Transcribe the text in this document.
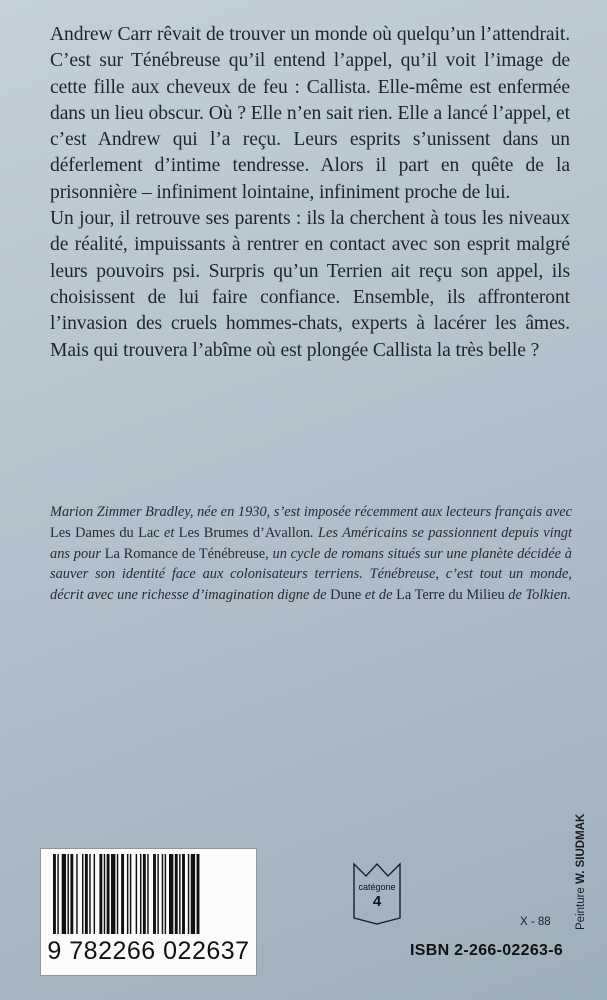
Andrew Carr rêvait de trouver un monde où quelqu’un l’attendrait. C’est sur Ténébreuse qu’il entend l’appel, qu’il voit l’image de cette fille aux cheveux de feu : Callista. Elle-même est enfermée dans un lieu obscur. Où ? Elle n’en sait rien. Elle a lancé l’appel, et c’est Andrew qui l’a reçu. Leurs esprits s’unissent dans un déferlement d’intime tendresse. Alors il part en quête de la prisonnière – infiniment lointaine, infiniment proche de lui.

Un jour, il retrouve ses parents : ils la cherchent à tous les niveaux de réalité, impuissants à rentrer en contact avec son esprit malgré leurs pouvoirs psi. Surpris qu’un Terrien ait reçu son appel, ils choisissent de lui faire confiance. Ensemble, ils affronteront l’invasion des cruels hommes-chats, experts à lacérer les âmes. Mais qui trouvera l’abîme où est plongée Callista la très belle ?

Marion Zimmer Bradley, née en 1930, s’est imposée récemment aux lecteurs français avec Les Dames du Lac et Les Brumes d’Avallon. Les Américains se passionnent depuis vingt ans pour La Romance de Ténébreuse, un cycle de romans situés sur une planète décidée à sauver son identité face aux colonisateurs terriens. Ténébreuse, c’est tout un monde, décrit avec une richesse d’imagination digne de Dune et de La Terre du Milieu de Tolkien.
Peinture W. SIUDMAK
9 782266 022637
catégone
4
X - 88
ISBN 2-266-02263-6
